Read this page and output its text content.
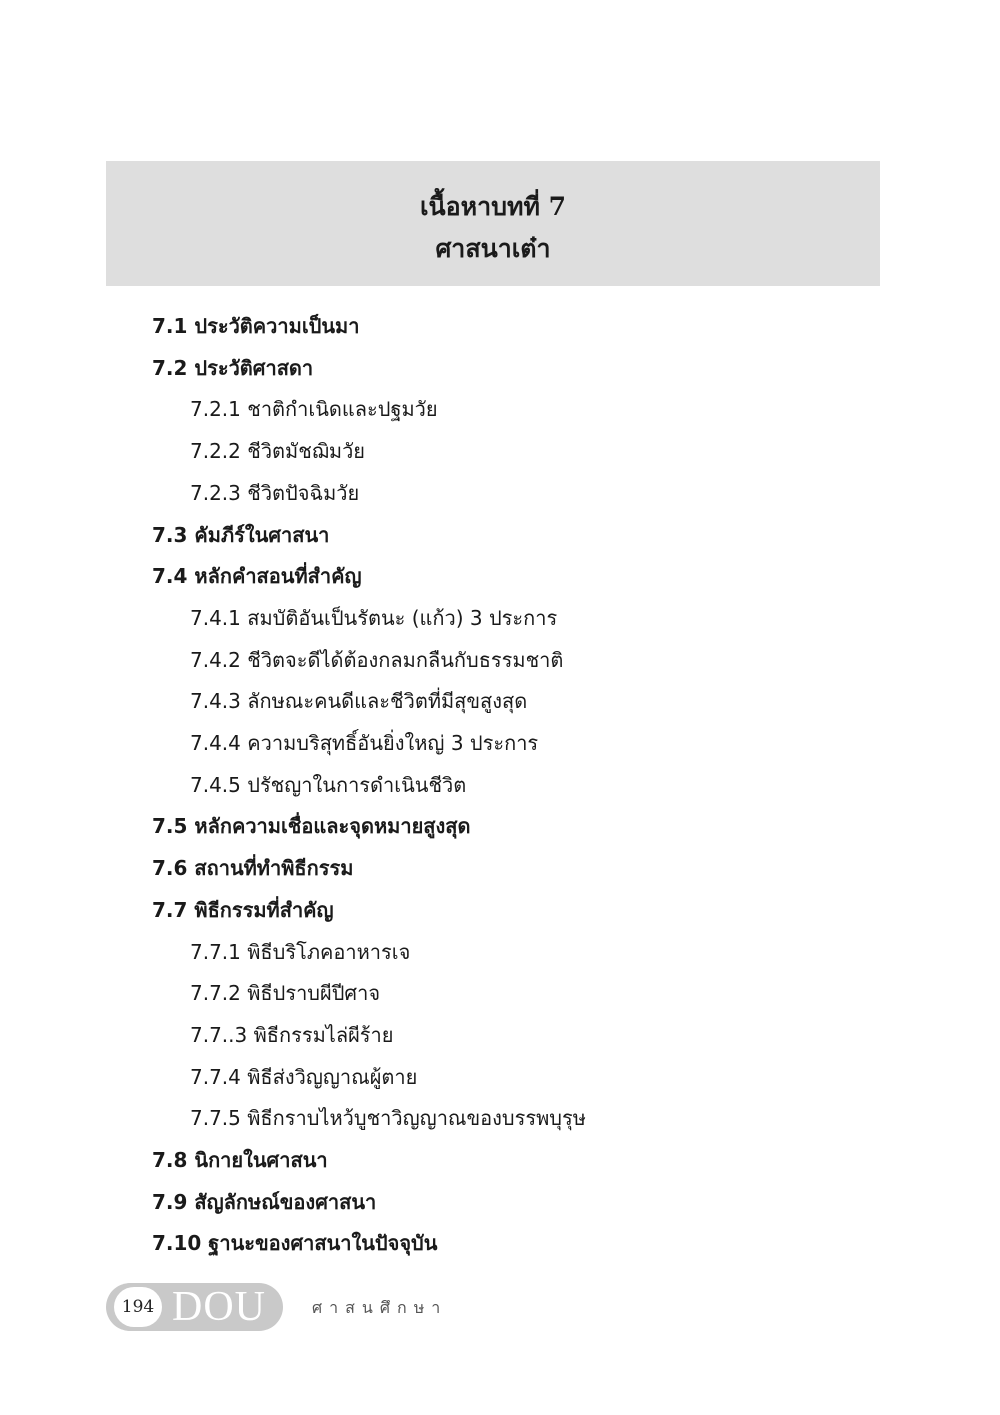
เนื้อหาบทที่ 7
ศาสนาเต๋า
7.1 ประวัติความเป็นมา
7.2 ประวัติศาสดา
7.2.1 ชาติกำเนิดและปฐมวัย
7.2.2 ชีวิตมัชฌิมวัย
7.2.3 ชีวิตปัจฉิมวัย
7.3 คัมภีร์ในศาสนา
7.4 หลักคำสอนที่สำคัญ
7.4.1 สมบัติอันเป็นรัตนะ (แก้ว) 3 ประการ
7.4.2 ชีวิตจะดีได้ต้องกลมกลืนกับธรรมชาติ
7.4.3 ลักษณะคนดีและชีวิตที่มีสุขสูงสุด
7.4.4 ความบริสุทธิ์อันยิ่งใหญ่ 3 ประการ
7.4.5 ปรัชญาในการดำเนินชีวิต
7.5 หลักความเชื่อและจุดหมายสูงสุด
7.6 สถานที่ทำพิธีกรรม
7.7 พิธีกรรมที่สำคัญ
7.7.1 พิธีบริโภคอาหารเจ
7.7.2 พิธีปราบผีปีศาจ
7.7..3 พิธีกรรมไล่ผีร้าย
7.7.4 พิธีส่งวิญญาณผู้ตาย
7.7.5 พิธีกราบไหว้บูชาวิญญาณของบรรพบุรุษ
7.8 นิกายในศาสนา
7.9 สัญลักษณ์ของศาสนา
7.10 ฐานะของศาสนาในปัจจุบัน
194 DOU	ศาสนศึกษา
